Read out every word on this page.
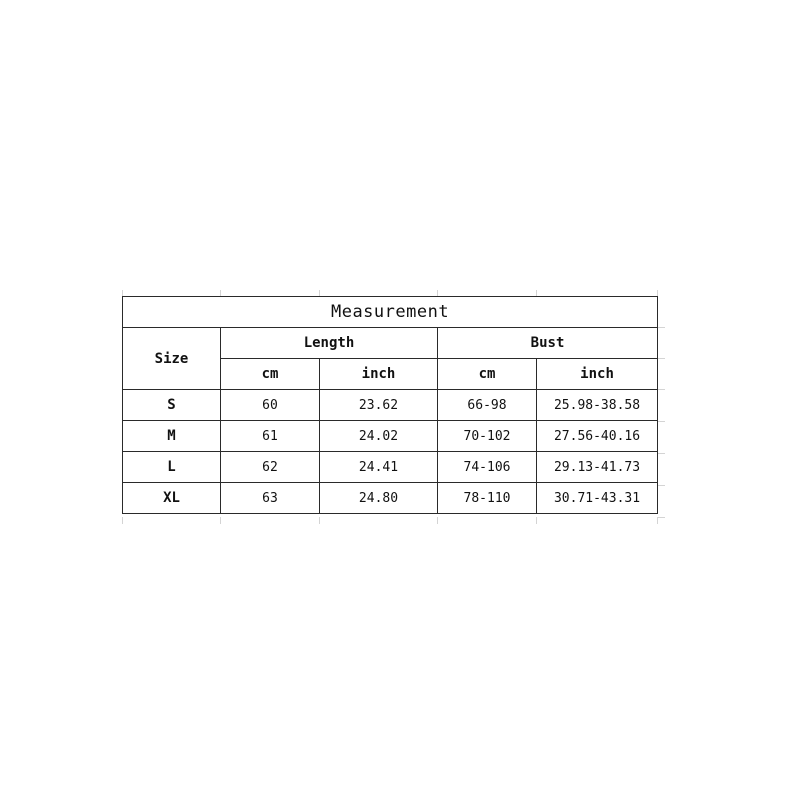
Measurement				
Size	Length		Bust	
	cm	inch	cm	inch
S	60	23.62	66-98	25.98-38.58
M	61	24.02	70-102	27.56-40.16
L	62	24.41	74-106	29.13-41.73
XL	63	24.80	78-110	30.71-43.31
